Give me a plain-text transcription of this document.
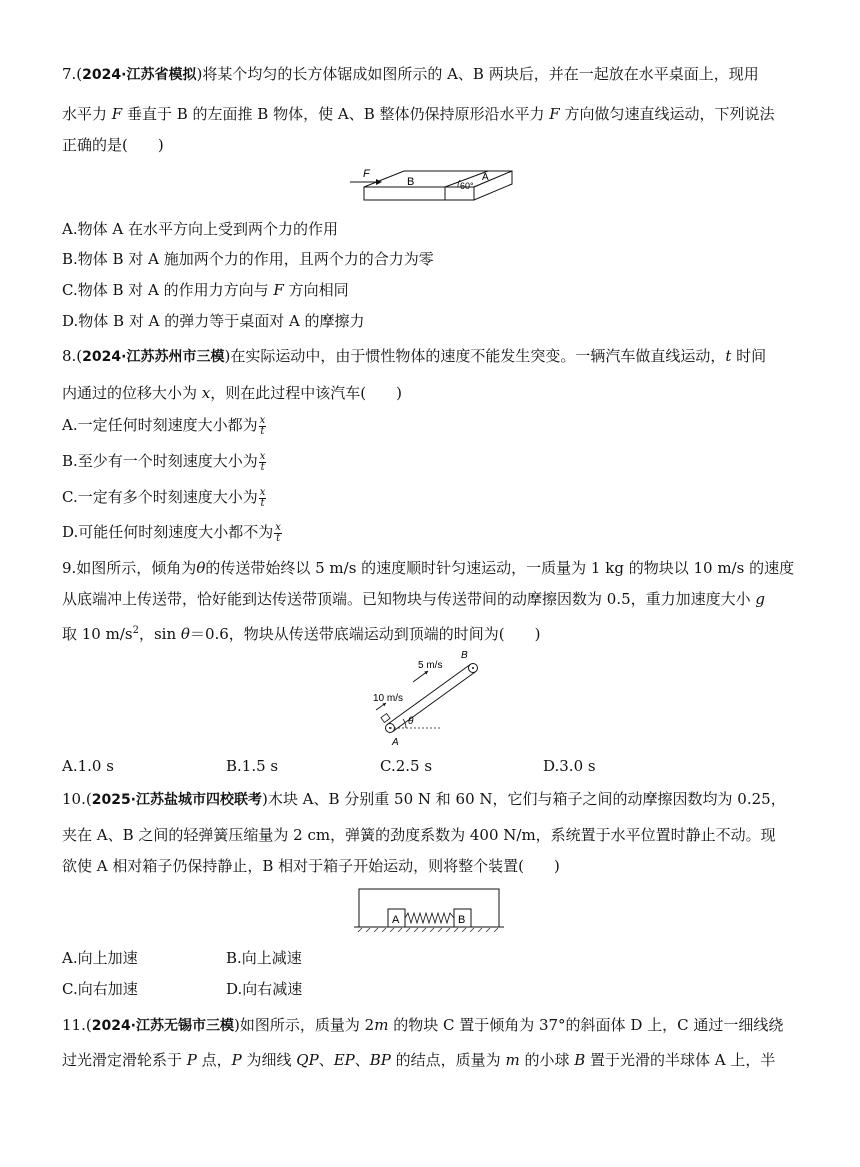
7.(2024·江苏省模拟)将某个均匀的长方体锯成如图所示的 A、B 两块后，并在一起放在水平桌面上，现用
水平力 F 垂直于 B 的左面推 B 物体，使 A、B 整体仍保持原形沿水平力 F 方向做匀速直线运动，下列说法
正确的是(　　)
F
B	A
60°
A.物体 A 在水平方向上受到两个力的作用
B.物体 B 对 A 施加两个力的作用，且两个力的合力为零
C.物体 B 对 A 的作用力方向与 F 方向相同
D.物体 B 对 A 的弹力等于桌面对 A 的摩擦力
8.(2024·江苏苏州市三模)在实际运动中，由于惯性物体的速度不能发生突变。一辆汽车做直线运动，t 时间
内通过的位移大小为 x，则在此过程中该汽车(　　)
A.一定任何时刻速度大小都为 $\frac{x}{t}$
B.至少有一个时刻速度大小为 $\frac{x}{t}$
C.一定有多个时刻速度大小为 $\frac{x}{t}$
D.可能任何时刻速度大小都不为 $\frac{x}{t}$
9.如图所示，倾角为θ的传送带始终以 5 m/s 的速度顺时针匀速运动，一质量为 1 kg 的物块以 10 m/s 的速度
从底端冲上传送带，恰好能到达传送带顶端。已知物块与传送带间的动摩擦因数为 0.5，重力加速度大小 g
取 10 $m/s^2$，sin θ＝0.6，物块从传送带底端运动到顶端的时间为(　　)
θ
5 m/s
10 m/s
B
A
A.1.0 s	B.1.5 s	C.2.5 s	D.3.0 s
10.(2025·江苏盐城市四校联考)木块 A、B 分别重 50 N 和 60 N，它们与箱子之间的动摩擦因数均为 0.25，
夹在 A、B 之间的轻弹簧压缩量为 2 cm，弹簧的劲度系数为 400 N/m，系统置于水平位置时静止不动。现
欲使 A 相对箱子仍保持静止，B 相对于箱子开始运动，则将整个装置(　　)
A	B
A.向上加速	B.向上减速
C.向右加速	D.向右减速
11.(2024·江苏无锡市三模)如图所示，质量为 2m 的物块 C 置于倾角为 37°的斜面体 D 上，C 通过一细线绕
过光滑定滑轮系于 P 点，P 为细线 QP、EP、BP 的结点，质量为 m 的小球 B 置于光滑的半球体 A 上，半
